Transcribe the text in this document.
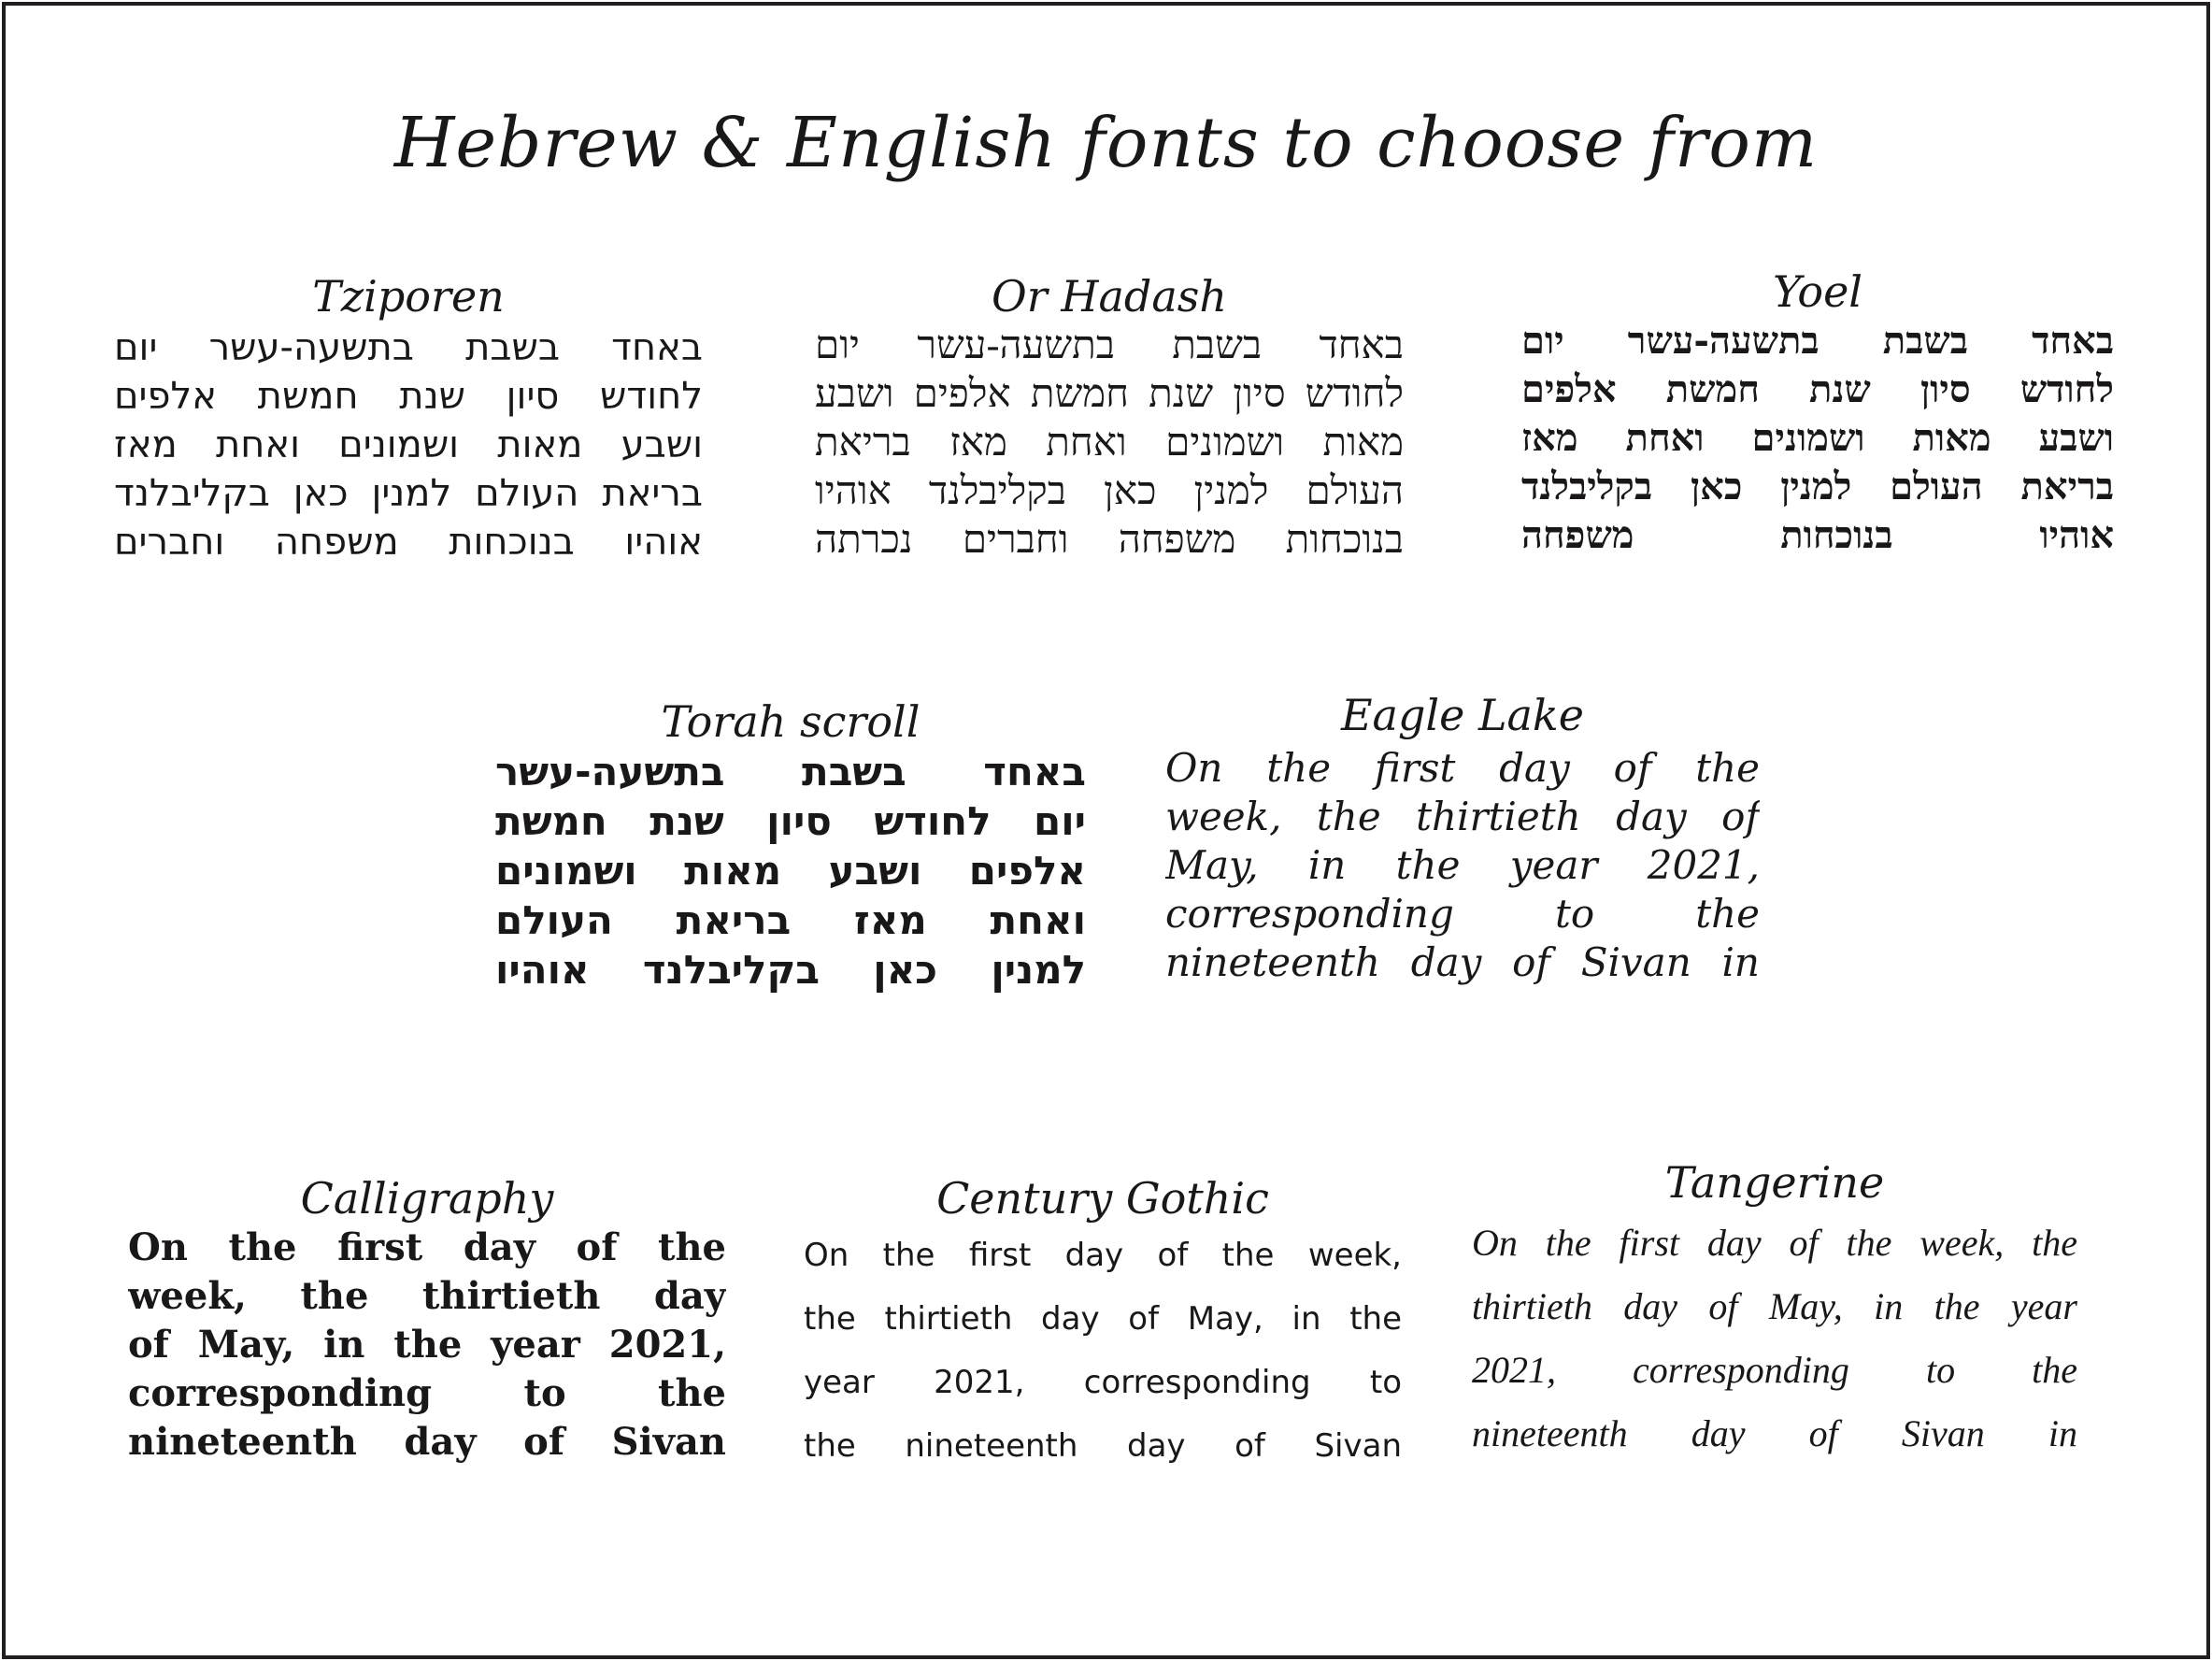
Hebrew & English fonts to choose from
Tziporen
באחד בשבת בתשעה-עשר יום
לחודש סיון שנת חמשת אלפים
ושבע מאות ושמונים ואחת מאז
בריאת העולם למנין כאן בקליבלנד
אוהיו בנוכחות משפחה וחברים
Or Hadash
באחד בשבת בתשעה-עשר יום
לחודש סיון שנת חמשת אלפים ושבע
מאות ושמונים ואחת מאז בריאת
העולם למנין כאן בקליבלנד אוהיו
בנוכחות משפחה וחברים נכרתה
Yoel
באחד בשבת בתשעה-עשר יום
לחודש סיון שנת חמשת אלפים
ושבע מאות ושמונים ואחת מאז
בריאת העולם למנין כאן בקליבלנד
אוהיו בנוכחות משפחה
Torah scroll
באחד בשבת בתשעה-עשר
יום לחודש סיון שנת חמשת
אלפים ושבע מאות ושמונים
ואחת מאז בריאת העולם
למנין כאן בקליבלנד אוהיו
Eagle Lake
On the first day of the
week, the thirtieth day of
May, in the year 2021,
corresponding to the
nineteenth day of Sivan in
Calligraphy
On the first day of the
week, the thirtieth day
of May, in the year 2021,
corresponding to the
nineteenth day of Sivan
Century Gothic
On the first day of the week,
the thirtieth day of May, in the
year 2021, corresponding to
the nineteenth day of Sivan
Tangerine
On the first day of the week, the
thirtieth day of May, in the year
2021, corresponding to the
nineteenth day of Sivan in
